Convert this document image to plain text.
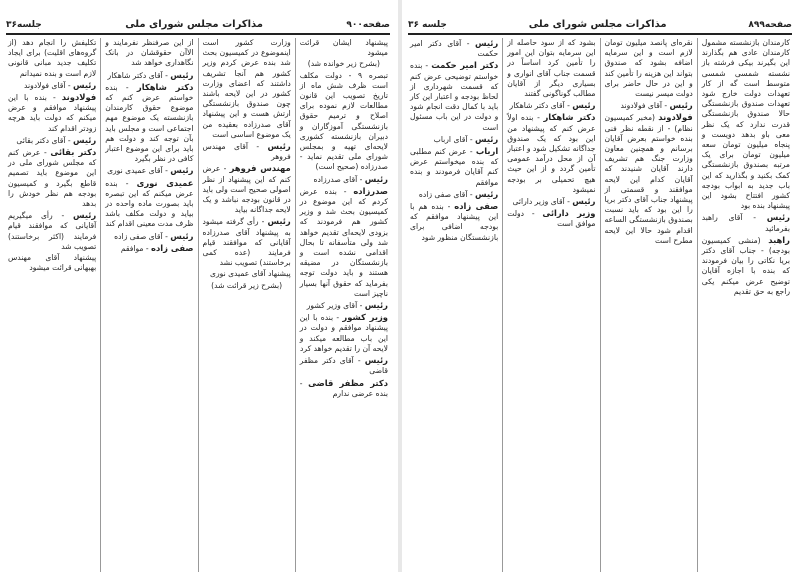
صفحه۹۰۰
مذاکرات مجلس شورای ملی
جلسه۳۶

پیشنهاد ایشان قرائت میشود

(بشرح زیر خوانده شد)

تبصره ۹ - دولت مکلف است ظرف شش ماه از تاریخ تصویب این قانون مطالعات لازم نموده برای اصلاح و ترمیم حقوق بازنشستگی آموزگاران و دبیران بازنشسته کشوری لایحه‌ای تهیه و بمجلس شورای ملی تقدیم نماید - صدرزاده (صحیح است)

رئیس - آقای صدرزاده

صدرزاده - بنده عرض کردم که این موضوع در کمیسیون بحث شد و وزیر کشور هم فرمودند که بزودی لایحه‌ای تقدیم خواهد شد ولی متأسفانه تا بحال اقدامی نشده است و بازنشستگان در مضیقه هستند و باید دولت توجه بفرماید که حقوق آنها بسیار ناچیز است

رئیس - آقای وزیر کشور

وزیر کشور - بنده با این پیشنهاد موافقم و دولت در این باب مطالعه میکند و لایحه آن را تقدیم خواهد کرد

رئیس - آقای دکتر مظفر قاضی

دکتر مظفر قاضی - بنده عرضی ندارم

وزارت کشور است اینموضوع در کمیسیون بحث شد بنده عرض کردم وزیر کشور هم آنجا تشریف داشتند که اعضای وزارت کشور در این لایحه باشند چون صندوق بازنشستگی ارتش هست و این پیشنهاد آقای صدرزاده بعقیده من یک موضوع اساسی است

رئیس - آقای مهندس فروهر

مهندس فروهر - عرض کنم که این پیشنهاد از نظر اصولی صحیح است ولی باید در قانون بودجه نباشد و یک لایحه جداگانه بیاید

رئیس - رأی گرفته میشود به پیشنهاد آقای صدرزاده آقایانی که موافقند قیام فرمایند (عده کمی برخاستند) تصویب نشد

پیشنهاد آقای عمیدی نوری

(بشرح زیر قرائت شد)

از این صرفنظر نفرمایند و الاآن حقوقشان در بانک نگاهداری خواهد شد

رئیس - آقای دکتر شاهکار

دکتر شاهکار - بنده خواستم عرض کنم که موضوع حقوق کارمندان بازنشسته یک موضوع مهم اجتماعی است و مجلس باید بآن توجه کند و دولت هم باید برای این موضوع اعتبار کافی در نظر بگیرد

رئیس - آقای عمیدی نوری

عمیدی نوری - بنده عرض میکنم که این تبصره باید بصورت ماده واحده در بیاید و دولت مکلف باشد ظرف مدت معینی اقدام کند

رئیس - آقای صفی زاده

صفی زاده - موافقم

تکلیفش را انجام دهد (از گروه‌های اقلیت) برای ایجاد تکلیف جدید مبانی قانونی لازم است و بنده نمیدانم

رئیس - آقای فولادوند

فولادوند - بنده با این پیشنهاد موافقم و عرض میکنم که دولت باید هرچه زودتر اقدام کند

رئیس - آقای دکتر بقائی

دکتر بقائی - عرض کنم که مجلس شورای ملی در این موضوع باید تصمیم قاطع بگیرد و کمیسیون بودجه هم نظر خودش را بدهد

رئیس - رأی میگیریم آقایانی که موافقند قیام فرمایند (اکثر برخاستند) تصویب شد

پیشنهاد آقای مهندس بهبهانی قرائت میشود

صفحه۸۹۹
مذاکرات مجلس شورای ملی
جلسه ۳۶

کارمندان بازنشسته مشمول کارمندان عادی هم بگذارند این بگیرند بیکی فرشته باز نشسته شمسی شمسی متوسط است گه از کار تعهدات دولت خارج شود تعهدات صندوق بازنشستگی حالا صندوق بازنشستگی قدرت ندارد که یک نظر معی باو بدهد دویست و پنجاه میلیون تومان سعه میلیون تومان برای یک مرتبه بصندوق بازنشستگی کمک بکنید و بگذارید که این باب جدید به ابواب بودجه کشور افتتاح بشود این پیشنهاد بنده بود

رئیس - آقای راهبد بفرمائید

راهبد (منشی کمیسیون بودجه) - جناب آقای دکتر بریا نکاتی را بیان فرمودند که بنده با اجازه آقایان توضیح عرض میکنم یکی راجع به حق تقدیم

نقره‌ای پانصد میلیون تومان لازم است و این سرمایه اضافه بشود که صندوق بتواند این هزینه را تأمین کند و این در حال حاضر برای دولت میسر نیست

رئیس - آقای فولادوند

فولادوند (مخبر کمیسیون نظام) - از نقطه نظر فنی بنده خواستم بعرض آقایان برسانم و همچنین معاون وزارت جنگ هم تشریف دارند آقایان شنیدند که آقایان کدام این لایحه موافقند و قسمتی از پیشنهاد جناب آقای دکتر بریا را این بود که باید نسبت بصندوق بازنشستگی الساعه اقدام شود حالا این لایحه مطرح است

بشود که از سود حاصله از این سرمایه بتوان این امور را تأمین کرد اساساً در قسمت جناب آقای انواری و بسیاری دیگر از آقایان مطالب گوناگونی گفتند

رئیس - آقای دکتر شاهکار

دکتر شاهکار - بنده اولاً عرض کنم که پیشنهاد من این بود که یک صندوق جداگانه تشکیل شود و اعتبار آن از محل درآمد عمومی تأمین گردد و از این حیث هیچ تحمیلی بر بودجه نمیشود

رئیس - آقای وزیر دارائی

وزیر دارائی - دولت موافق است

رئیس - آقای دکتر امیر حکمت

دکتر امیر حکمت - بنده خواستم توضیحی عرض کنم که قسمت شهرداری از لحاظ بودجه و اعتبار این کار باید با کمال دقت انجام شود و دولت در این باب مسئول است

رئیس - آقای ارباب

ارباب - عرض کنم مطلبی که بنده میخواستم عرض کنم آقایان فرمودند و بنده موافقم

رئیس - آقای صفی زاده

صفی زاده - بنده هم با این پیشنهاد موافقم که بودجه اضافی برای بازنشستگان منظور شود
